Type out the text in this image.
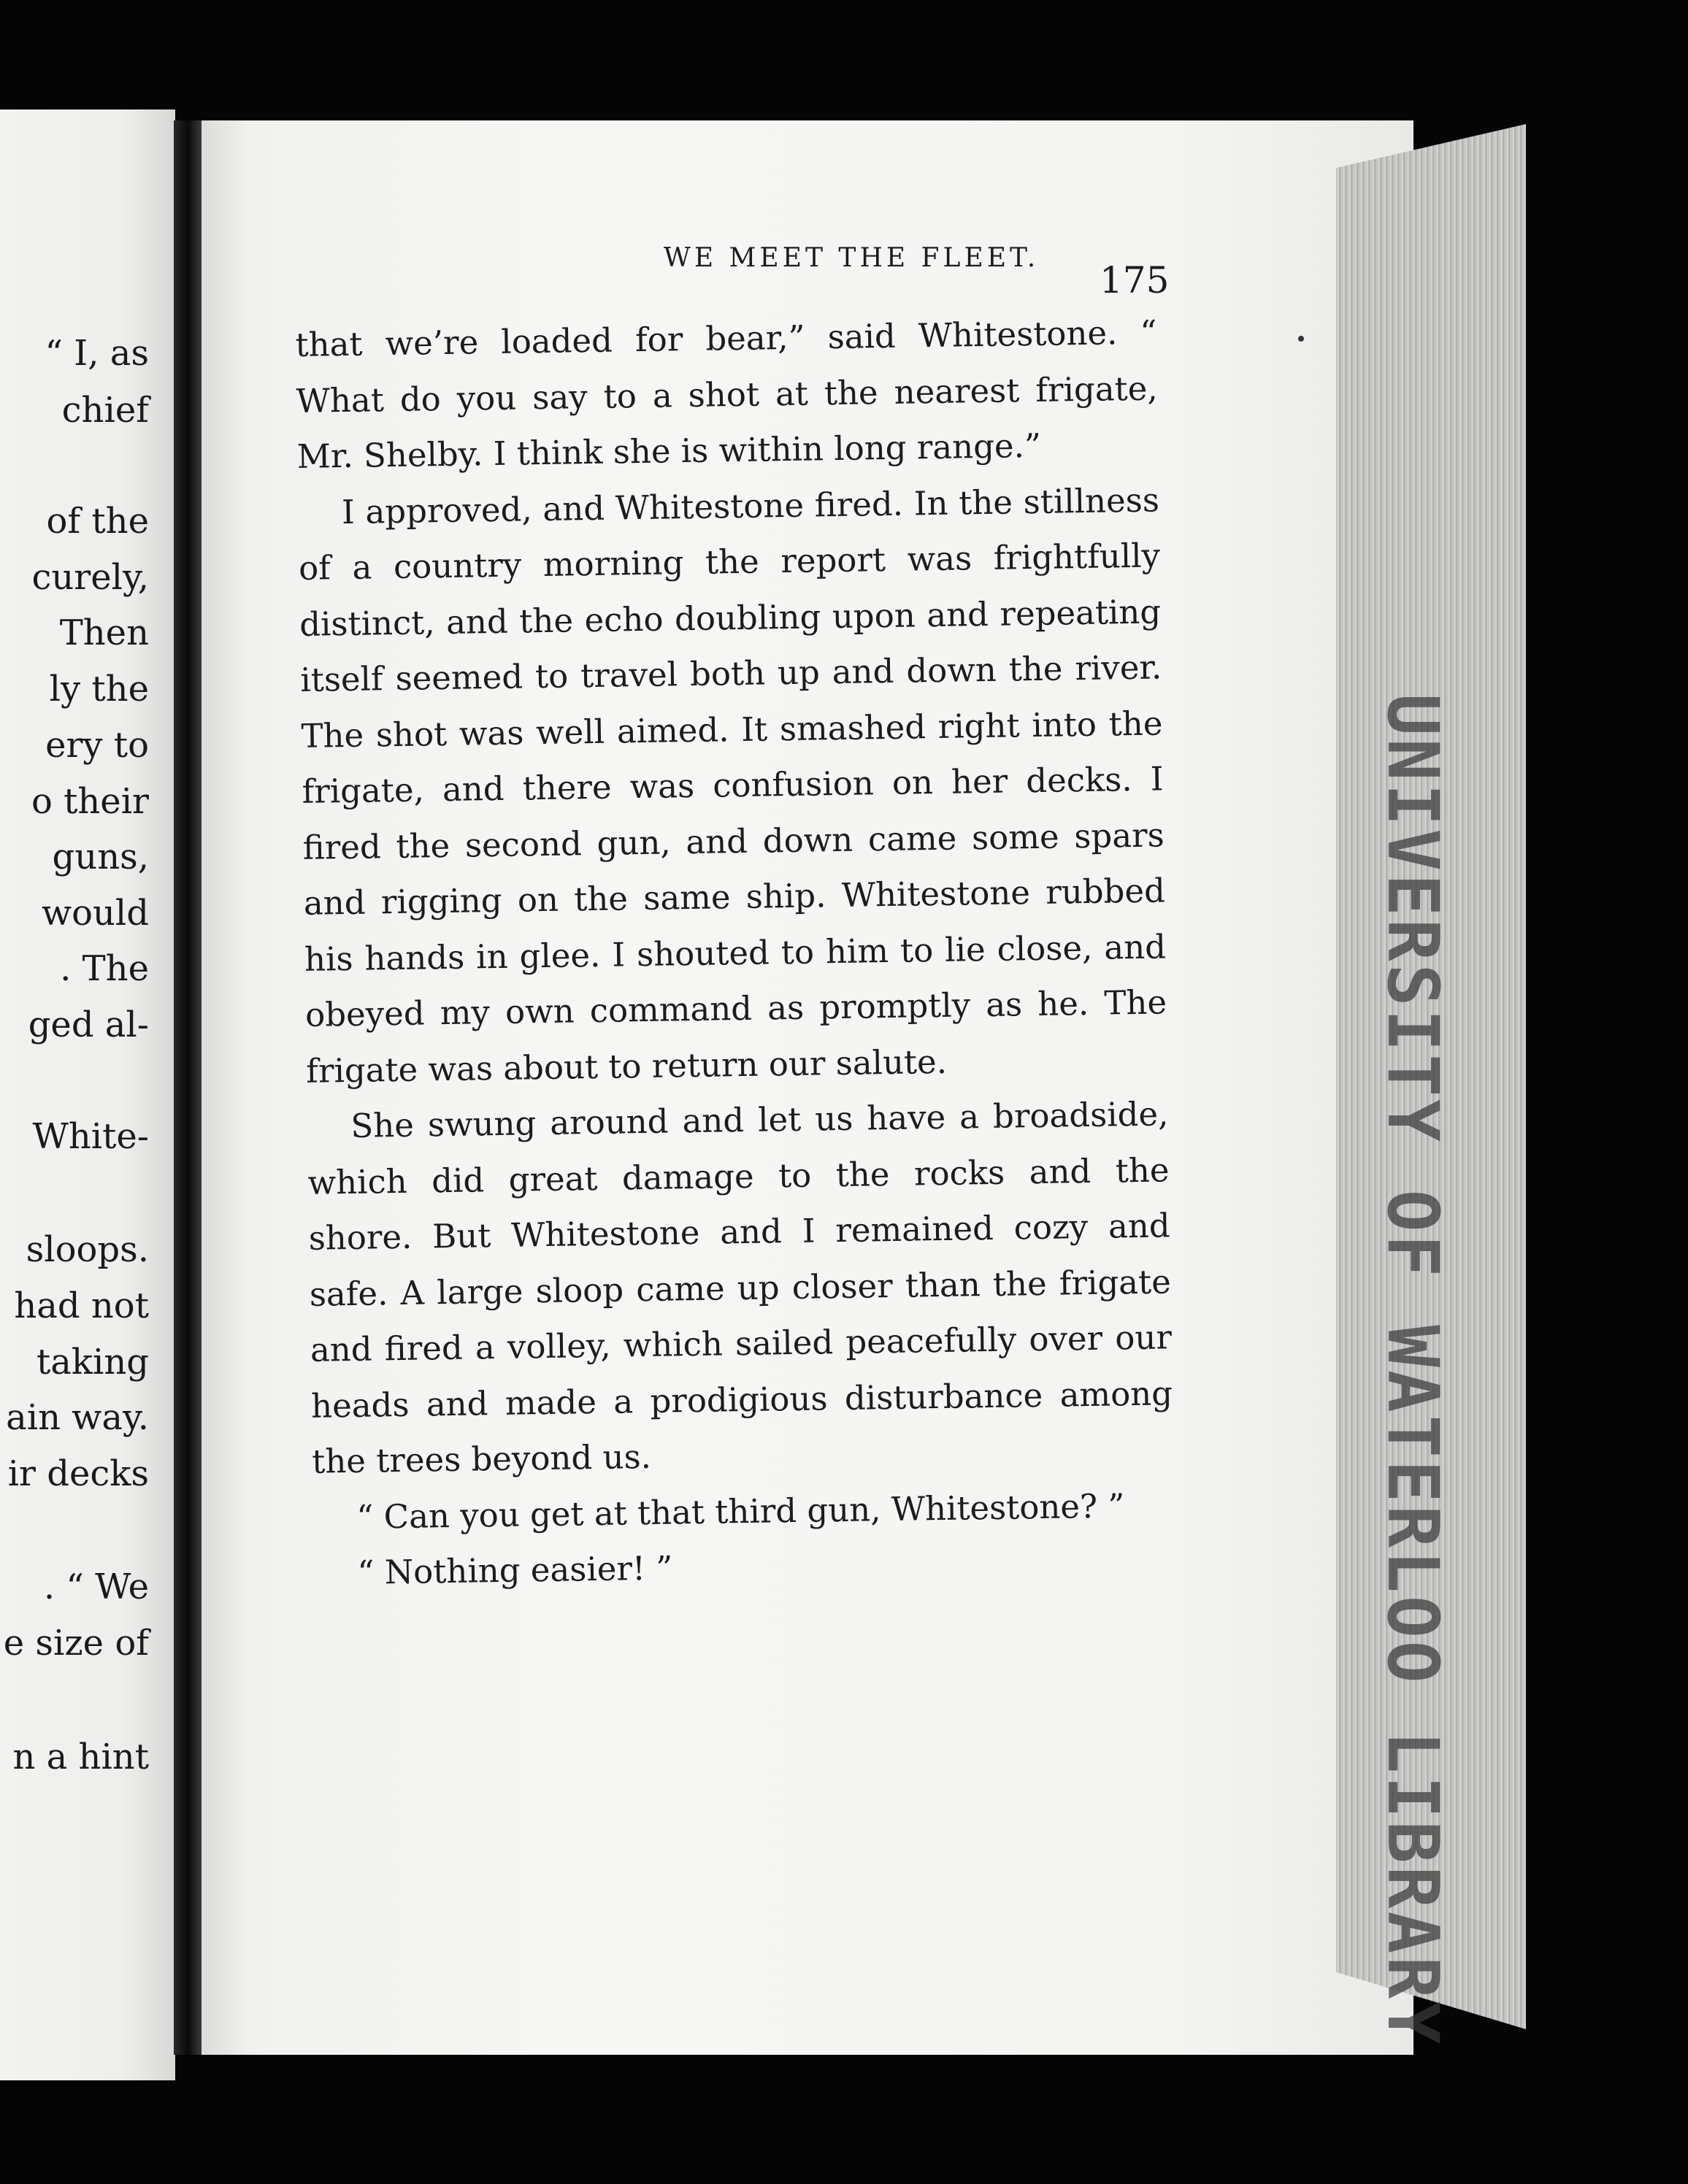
“ I, as
chief
of the
curely,
Then
ly the
ery to
o their
guns,
would
. The
ged al-
White-
sloops.
had not
taking
ain way.
ir decks
. “ We
e size of
n a hint
WE MEET THE FLEET.
175

that we’re loaded for bear,” said Whitestone. “ What do you say to a shot at the nearest frigate, Mr. Shelby. I think she is within long range.”

I approved, and Whitestone fired. In the stillness of a country morning the report was frightfully distinct, and the echo doubling upon and repeating itself seemed to travel both up and down the river. The shot was well aimed. It smashed right into the frigate, and there was confusion on her decks. I fired the second gun, and down came some spars and rigging on the same ship. Whitestone rubbed his hands in glee. I shouted to him to lie close, and obeyed my own command as promptly as he. The frigate was about to return our salute.

She swung around and let us have a broadside, which did great damage to the rocks and the shore. But Whitestone and I remained cozy and safe. A large sloop came up closer than the frigate and fired a volley, which sailed peacefully over our heads and made a prodigious disturbance among the trees beyond us.

“ Can you get at that third gun, Whitestone? ”

“ Nothing easier! ”	UNIVERSITY OF WATERLOO LIBRARY
